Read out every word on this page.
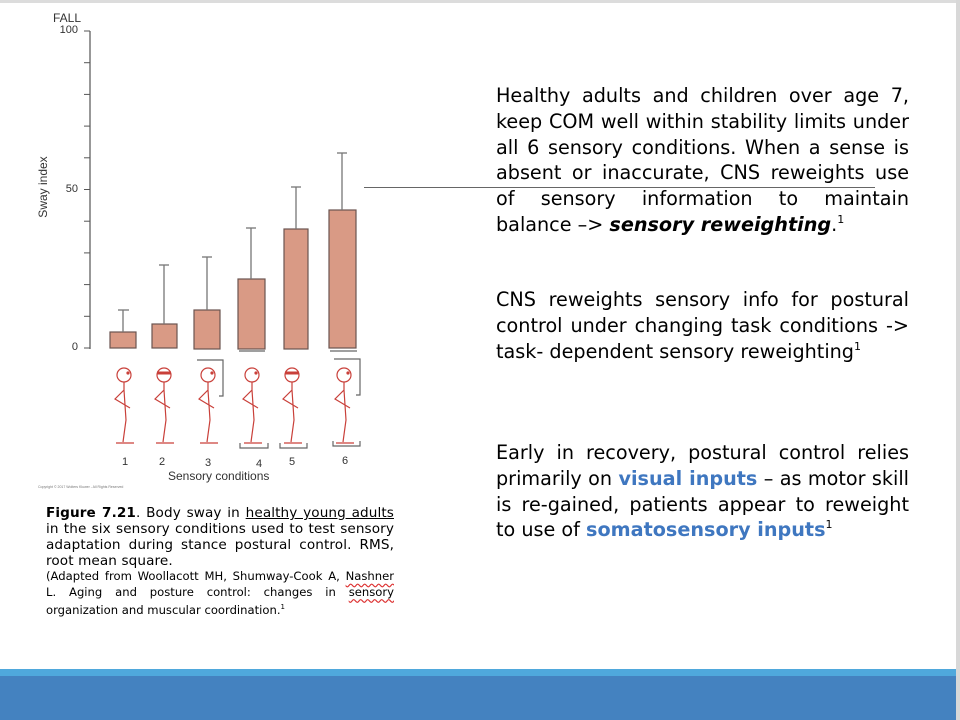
FALL
100
50
0
Sway index
1	2	3	4	5	6
Sensory conditions
Copyright © 2017 Wolters Kluwer - All Rights Reserved
Figure 7.21. Body sway in healthy young adults in the six sensory conditions used to test sensory adaptation during stance postural control. RMS, root mean square.
(Adapted from Woollacott MH, Shumway-Cook A, Nashner L. Aging and posture control: changes in sensory organization and muscular coordination.$^1$
Healthy adults and children over age 7, keep COM well within stability limits under all 6 sensory conditions. When a sense is absent or inaccurate, CNS reweights use of sensory information to maintain balance –> sensory reweighting.$^1$
CNS reweights sensory info for postural control under changing task conditions -> task- dependent sensory reweighting$^1$
Early in recovery, postural control relies primarily on visual inputs – as motor skill is re-gained, patients appear to reweight to use of somatosensory inputs$^1$
